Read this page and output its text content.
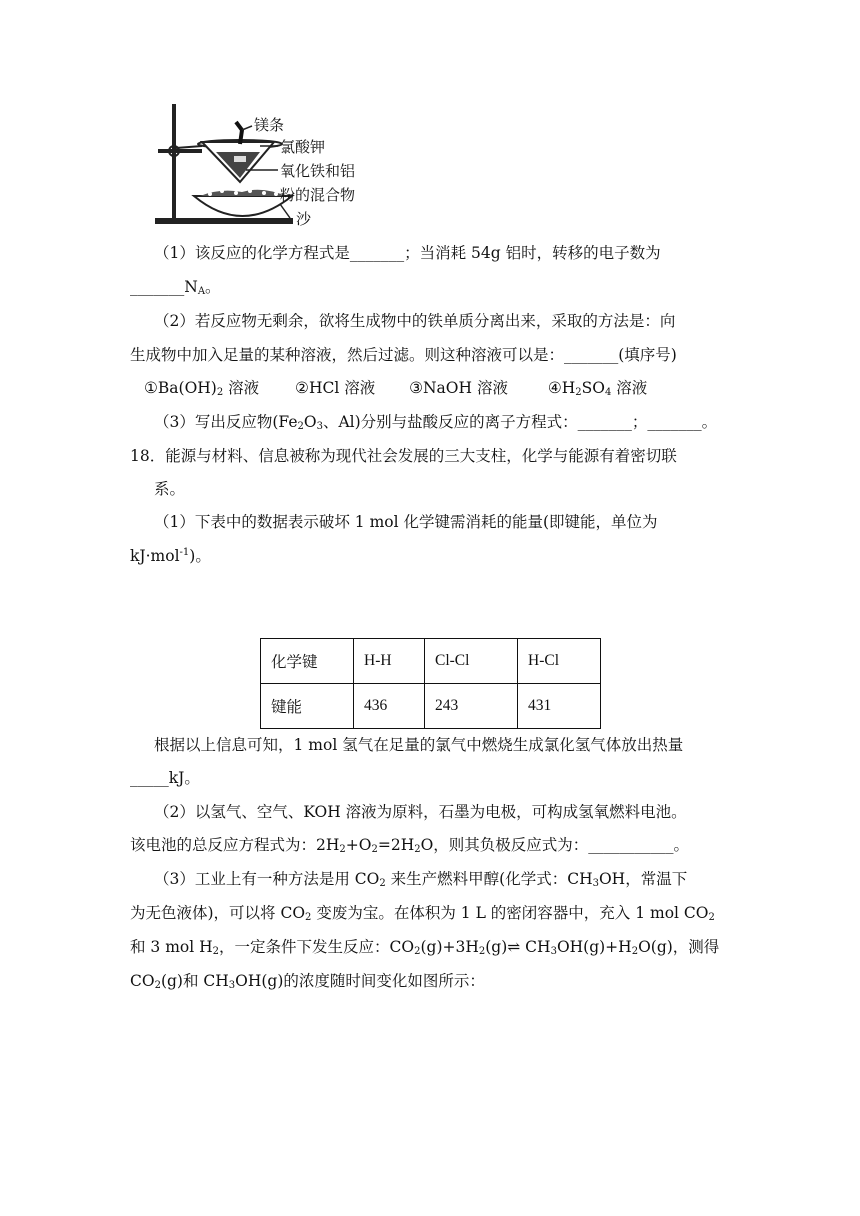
镁条
氯酸钾
氧化铁和铝
粉的混合物
沙
（1）该反应的化学方程式是_______；当消耗 54g 铝时，转移的电子数为
$\_\_\_\_\_\_\_N_A$。
（2）若反应物无剩余，欲将生成物中的铁单质分离出来，采取的方法是：向
生成物中加入足量的某种溶液，然后过滤。则这种溶液可以是：_______(填序号)
$①Ba(OH)_2$ 溶液 ②HCl 溶液 ③NaOH 溶液	$④H_2SO_4$ 溶液
（3）写出反应物($Fe_2O_3$、Al)分别与盐酸反应的离子方程式：_______；_______。
18．能源与材料、信息被称为现代社会发展的三大支柱，化学与能源有着密切联
系。
（1）下表中的数据表示破坏 1 mol 化学键需消耗的能量(即键能，单位为
kJ·mol$^{-1}$)。
化学键	H-H	Cl-Cl	H-Cl
键能	436	243	431
根据以上信息可知，1 mol 氢气在足量的氯气中燃烧生成氯化氢气体放出热量
_____kJ。
（2）以氢气、空气、KOH 溶液为原料，石墨为电极，可构成氢氧燃料电池。
该电池的总反应方程式为：$2H_2+O_2=2H_2O$，则其负极反应式为：___________。
（3）工业上有一种方法是用 $CO_2$ 来生产燃料甲醇(化学式：$CH_3OH$，常温下
为无色液体)，可以将 $CO_2$ 变废为宝。在体积为 1 L 的密闭容器中，充入 1 mol $CO_2$
和 3 mol $H_2$，一定条件下发生反应：$CO_2(g)+3H_2(g)\rightleftharpoons$ $CH_3OH(g)+H_2O(g)$，测得
$CO_2(g)$和 $CH_3OH(g)$的浓度随时间变化如图所示：
